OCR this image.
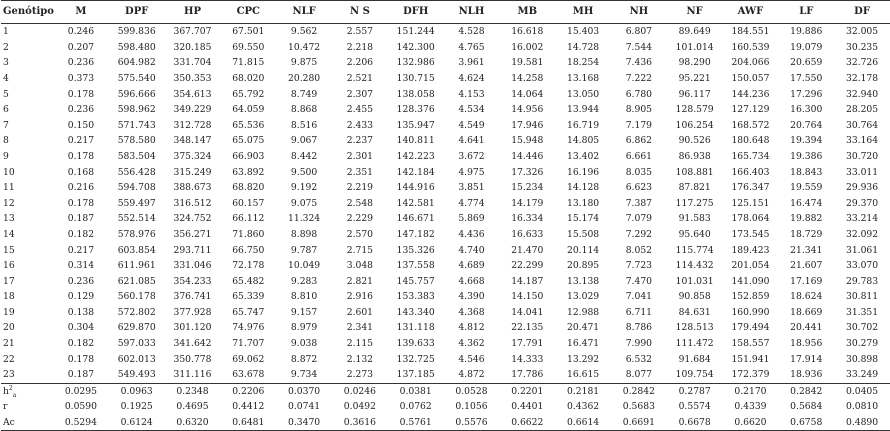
Genótipo	M	DPF	HP	CPC	NLF	N S	DFH	NLH	MB	MH	NH	NF	AWF	LF	DF
1	0.246	599.836	367.707	67.501	9.562	2.557	151.244	4.528	16.618	15.403	6.807	89.649	184.551	19.886	32.005
2	0.207	598.480	320.185	69.550	10.472	2.218	142.300	4.765	16.002	14.728	7.544	101.014	160.539	19.079	30.235
3	0.236	604.982	331.704	71.815	9.875	2.206	132.986	3.961	19.581	18.254	7.436	98.290	204.066	20.659	32.726
4	0.373	575.540	350.353	68.020	20.280	2.521	130.715	4.624	14.258	13.168	7.222	95.221	150.057	17.550	32.178
5	0.178	596.666	354.613	65.792	8.749	2.307	138.058	4.153	14.064	13.050	6.780	96.117	144.236	17.296	32.940
6	0.236	598.962	349.229	64.059	8.868	2.455	128.376	4.534	14.956	13.944	8.905	128.579	127.129	16.300	28.205
7	0.150	571.743	312.728	65.536	8.516	2.433	135.947	4.549	17.946	16.719	7.179	106.254	168.572	20.764	30.764
8	0.217	578.580	348.147	65.075	9.067	2.237	140.811	4.641	15.948	14.805	6.862	90.526	180.648	19.394	33.164
9	0.178	583.504	375.324	66.903	8.442	2.301	142.223	3.672	14.446	13.402	6.661	86.938	165.734	19.386	30.720
10	0.168	556.428	315.249	63.892	9.500	2.351	142.184	4.975	17.326	16.196	8.035	108.881	166.403	18.843	33.011
11	0.216	594.708	388.673	68.820	9.192	2.219	144.916	3.851	15.234	14.128	6.623	87.821	176.347	19.559	29.936
12	0.178	559.497	316.512	60.157	9.075	2.548	142.581	4.774	14.179	13.180	7.387	117.275	125.151	16.474	29.370
13	0.187	552.514	324.752	66.112	11.324	2.229	146.671	5.869	16.334	15.174	7.079	91.583	178.064	19.882	33.214
14	0.182	578.976	356.271	71.860	8.898	2.570	147.182	4.436	16.633	15.508	7.292	95.640	173.545	18.729	32.092
15	0.217	603.854	293.711	66.750	9.787	2.715	135.326	4.740	21.470	20.114	8.052	115.774	189.423	21.341	31.061
16	0.314	611.961	331.046	72.178	10.049	3.048	137.558	4.689	22.299	20.895	7.723	114.432	201.054	21.607	33.070
17	0.236	621.085	354.233	65.482	9.283	2.821	145.757	4.668	14.187	13.138	7.470	101.031	141.090	17.169	29.783
18	0.129	560.178	376.741	65.339	8.810	2.916	153.383	4.390	14.150	13.029	7.041	90.858	152.859	18.624	30.811
19	0.138	572.802	377.928	65.747	9.157	2.601	143.340	4.368	14.041	12.988	6.711	84.631	160.990	18.669	31.351
20	0.304	629.870	301.120	74.976	8.979	2.341	131.118	4.812	22.135	20.471	8.786	128.513	179.494	20.441	30.702
21	0.182	597.033	341.642	71.707	9.038	2.115	139.633	4.362	17.791	16.471	7.990	111.472	158.557	18.956	30.279
22	0.178	602.013	350.778	69.062	8.872	2.132	132.725	4.546	14.333	13.292	6.532	91.684	151.941	17.914	30.898
23	0.187	549.493	311.116	63.678	9.734	2.273	137.185	4.872	17.786	16.615	8.077	109.754	172.379	18.936	33.249
$h^2_a$	0.0295	0.0963	0.2348	0.2206	0.0370	0.0246	0.0381	0.0528	0.2201	0.2181	0.2842	0.2787	0.2170	0.2842	0.0405
r	0.0590	0.1925	0.4695	0.4412	0.0741	0.0492	0.0762	0.1056	0.4401	0.4362	0.5683	0.5574	0.4339	0.5684	0.0810
Ac	0.5294	0.6124	0.6320	0.6481	0.3470	0.3616	0.5761	0.5576	0.6622	0.6614	0.6691	0.6678	0.6620	0.6758	0.4890
